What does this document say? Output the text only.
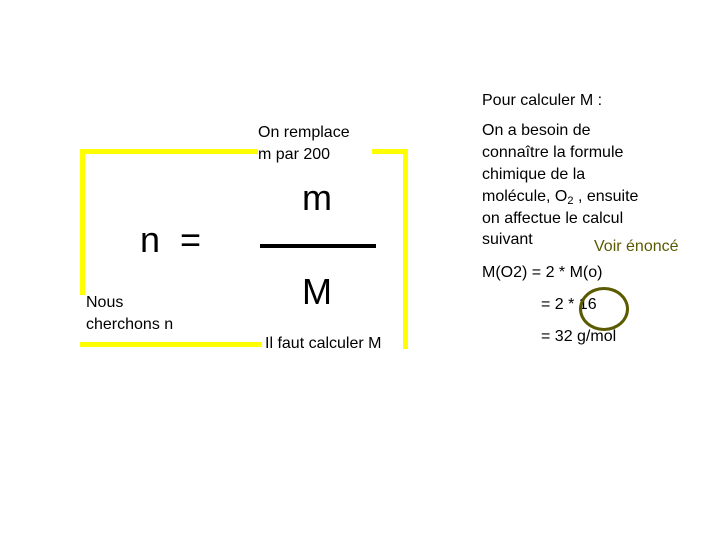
Pour calculer M :
On remplace
m par 200
n  =
m
M
Nous
cherchons n
Il faut calculer M
On a besoin de
connaître la formule
chimique de la
molécule, $O_2$ , ensuite
on affectue le calcul
suivant	Voir énoncé
M(O2) = 2 * M(o)
= 2 * 16
= 32 g/mol
